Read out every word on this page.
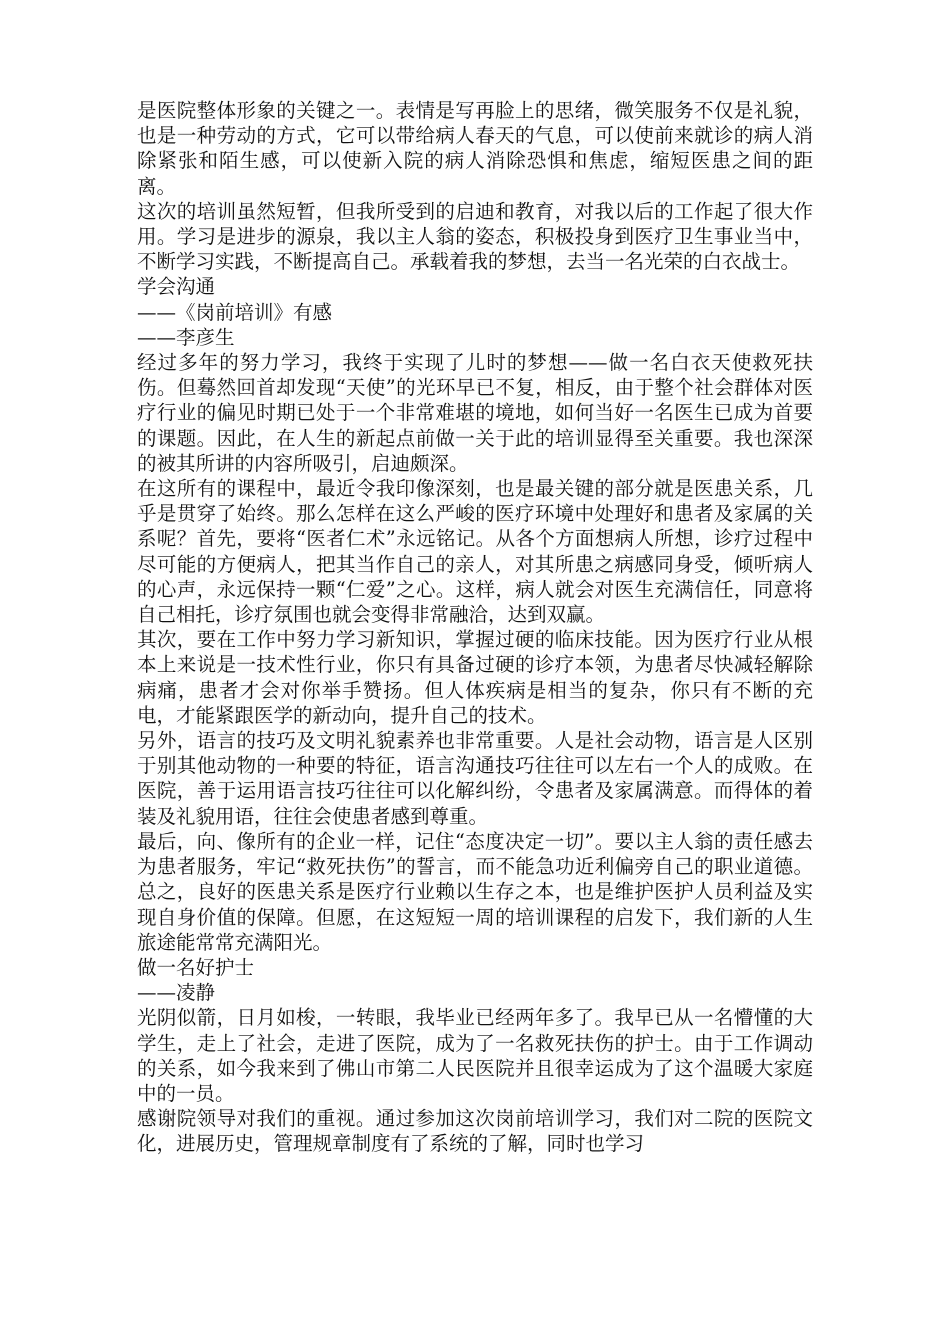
是医院整体形象的关键之一。表情是写再脸上的思绪，微笑服务不仅是礼貌，也是一种劳动的方式，它可以带给病人春天的气息，可以使前来就诊的病人消除紧张和陌生感，可以使新入院的病人消除恐惧和焦虑，缩短医患之间的距离。

这次的培训虽然短暂，但我所受到的启迪和教育，对我以后的工作起了很大作用。学习是进步的源泉，我以主人翁的姿态，积极投身到医疗卫生事业当中，不断学习实践，不断提高自己。承载着我的梦想，去当一名光荣的白衣战士。

学会沟通

——《岗前培训》有感

——李彦生

经过多年的努力学习，我终于实现了儿时的梦想——做一名白衣天使救死扶伤。但蓦然回首却发现“天使”的光环早已不复，相反，由于整个社会群体对医疗行业的偏见时期已处于一个非常难堪的境地，如何当好一名医生已成为首要的课题。因此，在人生的新起点前做一关于此的培训显得至关重要。我也深深的被其所讲的内容所吸引，启迪颇深。

在这所有的课程中，最近令我印像深刻，也是最关键的部分就是医患关系，几乎是贯穿了始终。那么怎样在这么严峻的医疗环境中处理好和患者及家属的关系呢？首先，要将“医者仁术”永远铭记。从各个方面想病人所想，诊疗过程中尽可能的方便病人，把其当作自己的亲人，对其所患之病感同身受，倾听病人的心声，永远保持一颗“仁爱”之心。这样，病人就会对医生充满信任，同意将自己相托，诊疗氛围也就会变得非常融洽，达到双赢。

其次，要在工作中努力学习新知识，掌握过硬的临床技能。因为医疗行业从根本上来说是一技术性行业，你只有具备过硬的诊疗本领，为患者尽快减轻解除病痛，患者才会对你举手赞扬。但人体疾病是相当的复杂，你只有不断的充电，才能紧跟医学的新动向，提升自己的技术。

另外，语言的技巧及文明礼貌素养也非常重要。人是社会动物，语言是人区别于别其他动物的一种要的特征，语言沟通技巧往往可以左右一个人的成败。在医院，善于运用语言技巧往往可以化解纠纷，令患者及家属满意。而得体的着装及礼貌用语，往往会使患者感到尊重。

最后，向、像所有的企业一样，记住“态度决定一切”。要以主人翁的责任感去为患者服务，牢记“救死扶伤”的誓言，而不能急功近利偏旁自己的职业道德。总之，良好的医患关系是医疗行业赖以生存之本，也是维护医护人员利益及实现自身价值的保障。但愿，在这短短一周的培训课程的启发下，我们新的人生旅途能常常充满阳光。

做一名好护士

——凌静

光阴似箭，日月如梭，一转眼，我毕业已经两年多了。我早已从一名懵懂的大学生，走上了社会，走进了医院，成为了一名救死扶伤的护士。由于工作调动的关系，如今我来到了佛山市第二人民医院并且很幸运成为了这个温暖大家庭中的一员。

感谢院领导对我们的重视。通过参加这次岗前培训学习，我们对二院的医院文化，进展历史，管理规章制度有了系统的了解，同时也学习
